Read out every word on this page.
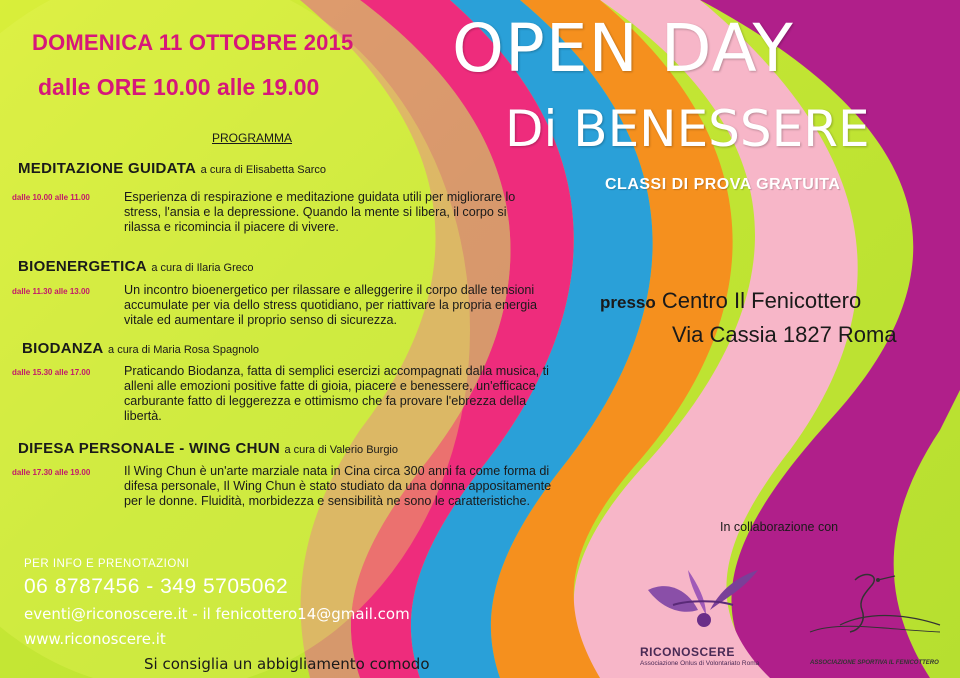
DOMENICA 11 OTTOBRE 2015
dalle ORE 10.00 alle 19.00
PROGRAMMA
OPEN DAY
Di BENESSERE
CLASSI DI PROVA GRATUITA
MEDITAZIONE GUIDATA a cura di Elisabetta Sarco
dalle 10.00 alle 11.00	Esperienza di respirazione e meditazione guidata utili per migliorare lo stress, l'ansia e la depressione. Quando la mente si libera, il corpo si rilassa e ricomincia il piacere di vivere.
BIOENERGETICA a cura di Ilaria Greco
dalle 11.30 alle 13.00	Un incontro bioenergetico per rilassare e alleggerire il corpo dalle tensioni accumulate per via dello stress quotidiano, per riattivare la propria energia vitale ed aumentare il proprio senso di sicurezza.
BIODANZA a cura di Maria Rosa Spagnolo
dalle 15.30 alle 17.00	Praticando Biodanza, fatta di semplici esercizi accompagnati dalla musica, ti alleni alle emozioni positive fatte di gioia, piacere e benessere, un'efficace carburante fatto di leggerezza e ottimismo che fa provare l'ebrezza della libertà.
DIFESA PERSONALE - WING CHUN a cura di Valerio Burgio
dalle 17.30 alle 19.00	Il Wing Chun è un'arte marziale nata in Cina circa 300 anni fa come forma di difesa personale, Il Wing Chun è stato studiato da una donna appositamente per le donne. Fluidità, morbidezza e sensibilità ne sono le caratteristiche.
presso Centro Il Fenicottero
Via Cassia 1827 Roma
PER INFO E PRENOTAZIONI
06 8787456 - 349 5705062
eventi@riconoscere.it - il fenicottero14@gmail.com
www.riconoscere.it
Si consiglia un abbigliamento comodo
In collaborazione con
RICONOSCERE
Associazione Onlus di Volontariato Roma	ASSOCIAZIONE SPORTIVA IL FENICOTTERO
